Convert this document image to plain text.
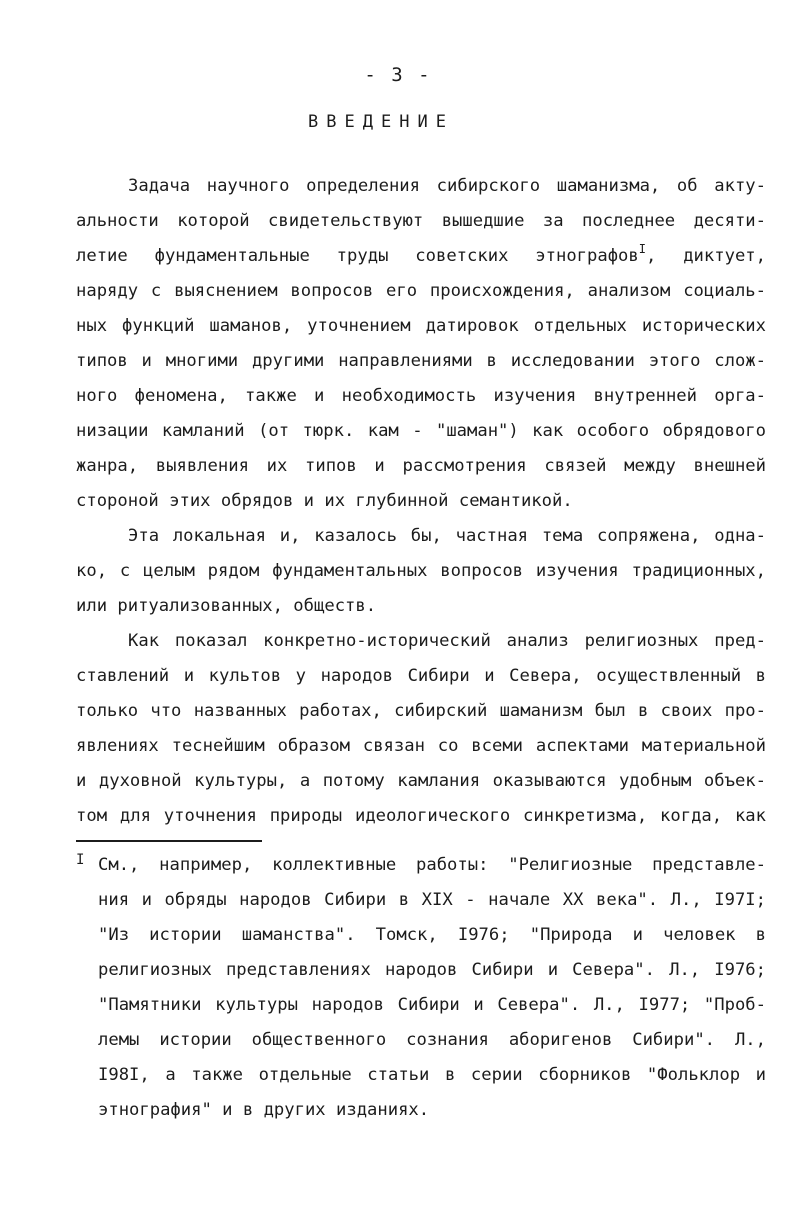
- 3 -
ВВЕДЕНИЕ
Задача научного определения сибирского шаманизма, об акту-
альности которой свидетельствуют вышедшие за последнее десяти-
летие фундаментальные труды советских этнографов$^I$, диктует,
наряду с выяснением вопросов его происхождения, анализом социаль-
ных функций шаманов, уточнением датировок отдельных исторических
типов и многими другими направлениями в исследовании этого слож-
ного феномена, также и необходимость изучения внутренней орга-
низации камланий (от тюрк. кам - "шаман") как особого обрядового
жанра, выявления их типов и рассмотрения связей между внешней
стороной этих обрядов и их глубинной семантикой.
Эта локальная и, казалось бы, частная тема сопряжена, одна-
ко, с целым рядом фундаментальных вопросов изучения традиционных,
или ритуализованных, обществ.
Как показал конкретно-исторический анализ религиозных пред-
ставлений и культов у народов Сибири и Севера, осуществленный в
только что названных работах, сибирский шаманизм был в своих про-
явлениях теснейшим образом связан со всеми аспектами материальной
и духовной культуры, а потому камлания оказываются удобным объек-
том для уточнения природы идеологического синкретизма, когда, как
I См., например, коллективные работы: "Религиозные представле-
ния и обряды народов Сибири в XIX - начале XX века". Л., I97I;
"Из истории шаманства". Томск, I976; "Природа и человек в
религиозных представлениях народов Сибири и Севера". Л., I976;
"Памятники культуры народов Сибири и Севера". Л., I977; "Проб-
лемы истории общественного сознания аборигенов Сибири". Л.,
I98I, а также отдельные статьи в серии сборников "Фольклор и
этнография" и в других изданиях.
